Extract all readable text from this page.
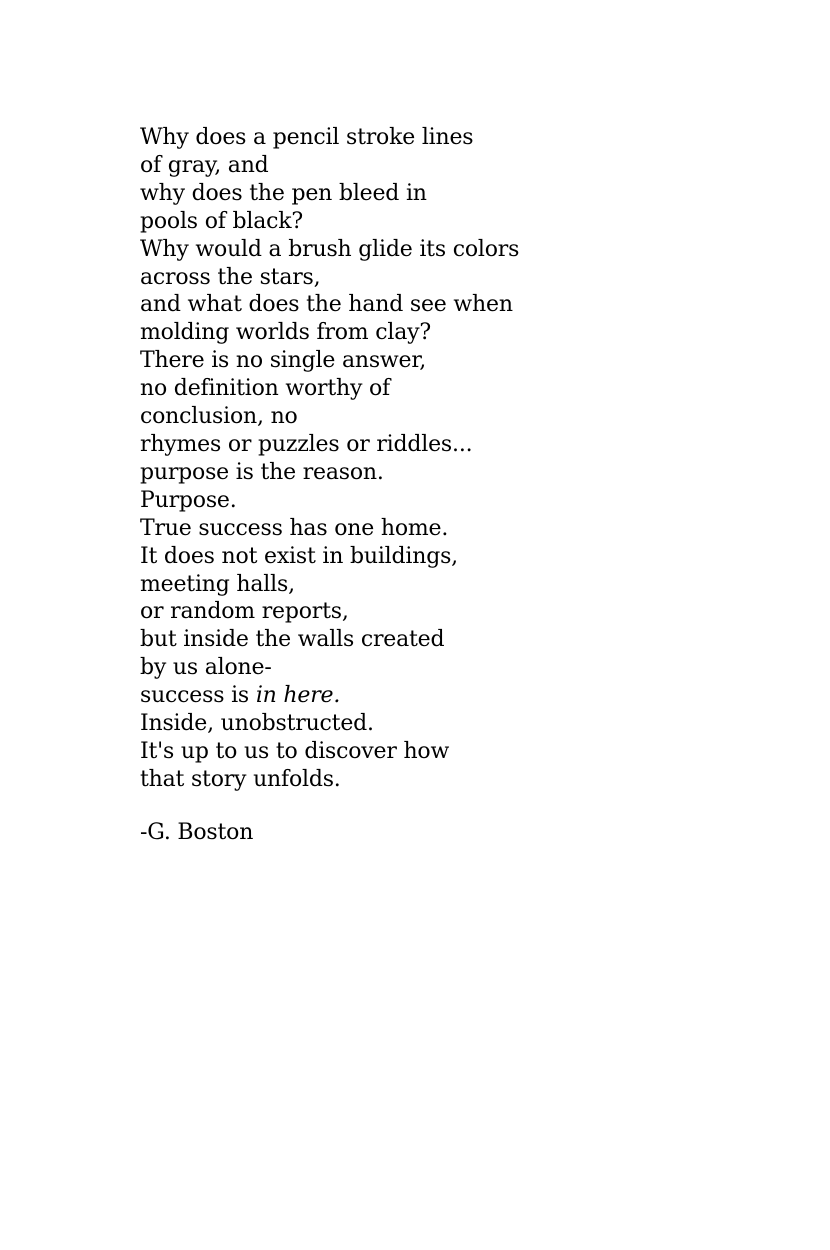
Why does a pencil stroke lines
of gray, and
why does the pen bleed in
pools of black?
Why would a brush glide its colors
across the stars,
and what does the hand see when
molding worlds from clay?
There is no single answer,
no definition worthy of
conclusion, no
rhymes or puzzles or riddles...
purpose is the reason.
Purpose.
True success has one home.
It does not exist in buildings,
meeting halls,
or random reports,
but inside the walls created
by us alone-
success is in here.
Inside, unobstructed.
It's up to us to discover how
that story unfolds.
-G. Boston
